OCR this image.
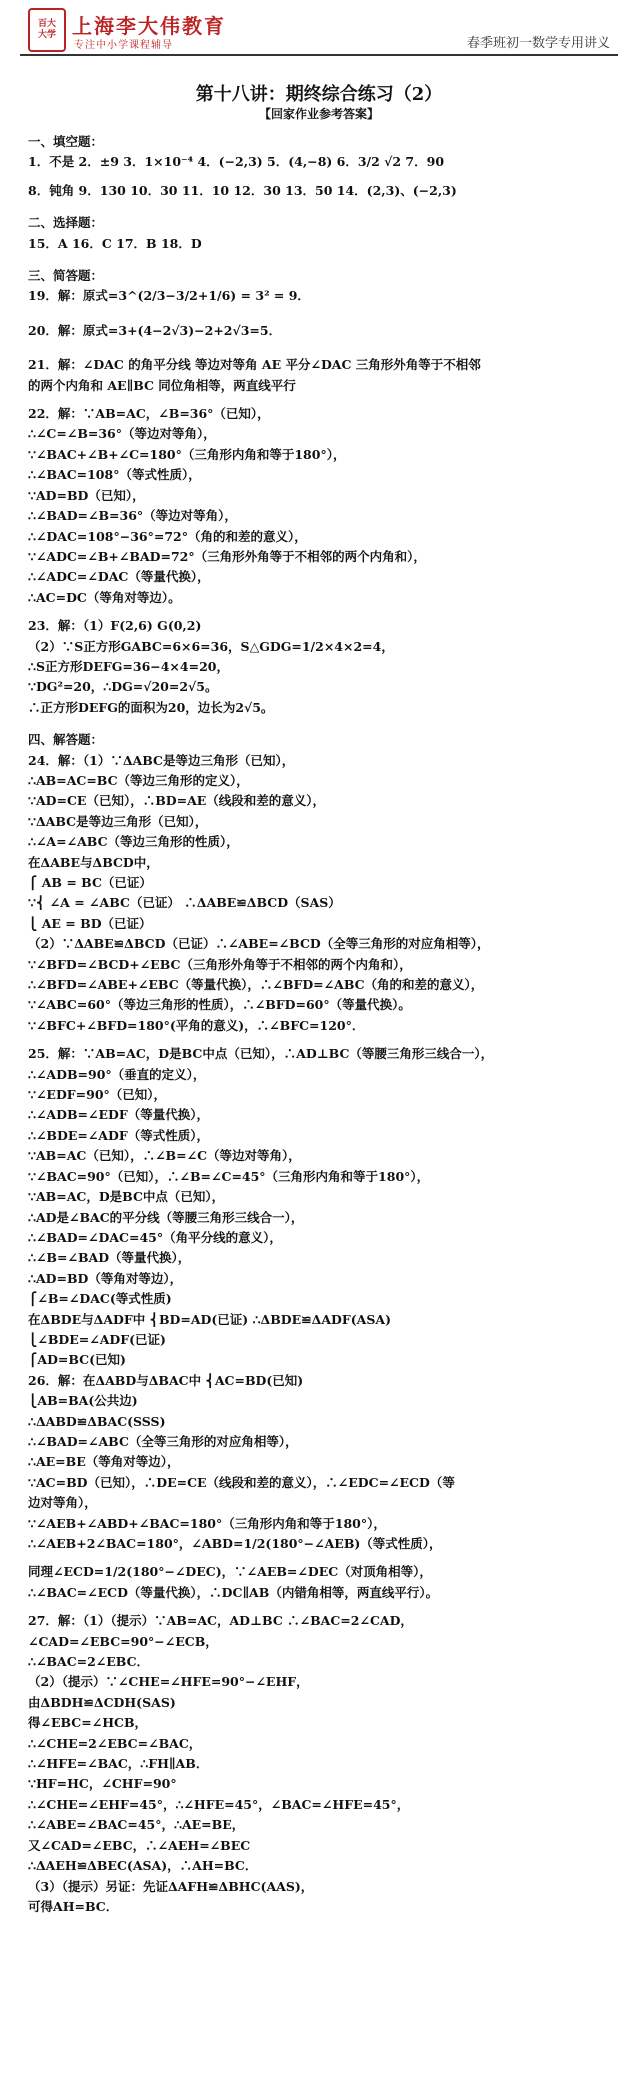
百大
大学 上海李大伟教育
专注中小学课程辅导	春季班初一数学专用讲义
第十八讲：期终综合练习（2）
【回家作业参考答案】
一、填空题：
1．不是 2．±9 3．1×10⁻⁴ 4．(−2,3) 5．(4,−8) 6．3/2 √2 7．90
8．钝角 9．130 10．30 11．10 12．30 13．50 14．(2,3)、(−2,3)
二、选择题：
15．A 16．C 17．B 18．D
三、简答题：
19．解：原式=3^(2/3−3/2+1/6) = 3² = 9．
20．解：原式=3+(4−2√3)−2+2√3=5．
21．解：∠DAC 的角平分线 等边对等角 AE 平分∠DAC 三角形外角等于不相邻
的两个内角和 AE∥BC 同位角相等，两直线平行
22．解：∵AB=AC，∠B=36°（已知），
∴∠C=∠B=36°（等边对等角），
∵∠BAC+∠B+∠C=180°（三角形内角和等于180°），
∴∠BAC=108°（等式性质），
∵AD=BD（已知），
∴∠BAD=∠B=36°（等边对等角），
∴∠DAC=108°−36°=72°（角的和差的意义），
∵∠ADC=∠B+∠BAD=72°（三角形外角等于不相邻的两个内角和），
∴∠ADC=∠DAC（等量代换），
∴AC=DC（等角对等边）。
23．解：（1）F(2,6) G(0,2)
（2）∵S正方形GABC=6×6=36，S△GDG=1/2×4×2=4，
∴S正方形DEFG=36−4×4=20，
∵DG²=20，∴DG=√20=2√5。
∴正方形DEFG的面积为20，边长为2√5。
四、解答题：
24．解：（1）∵ΔABC是等边三角形（已知），
∴AB=AC=BC（等边三角形的定义），
∵AD=CE（已知），∴BD=AE（线段和差的意义），
∵ΔABC是等边三角形（已知），
∴∠A=∠ABC（等边三角形的性质），
在ΔABE与ΔBCD中，
⎧ AB = BC（已证）
∵⎨ ∠A = ∠ABC（已证） ∴ΔABE≌ΔBCD（SAS）
⎩ AE = BD（已证）
（2）∵ΔABE≌ΔBCD（已证）∴∠ABE=∠BCD（全等三角形的对应角相等），
∵∠BFD=∠BCD+∠EBC（三角形外角等于不相邻的两个内角和），
∴∠BFD=∠ABE+∠EBC（等量代换），∴∠BFD=∠ABC（角的和差的意义），
∵∠ABC=60°（等边三角形的性质），∴∠BFD=60°（等量代换）。
∵∠BFC+∠BFD=180°(平角的意义)，∴∠BFC=120°．
25．解：∵AB=AC，D是BC中点（已知），∴AD⊥BC（等腰三角形三线合一），
∴∠ADB=90°（垂直的定义），
∵∠EDF=90°（已知），
∴∠ADB=∠EDF（等量代换），
∴∠BDE=∠ADF（等式性质），
∵AB=AC（已知），∴∠B=∠C（等边对等角），
∵∠BAC=90°（已知），∴∠B=∠C=45°（三角形内角和等于180°），
∵AB=AC，D是BC中点（已知），
∴AD是∠BAC的平分线（等腰三角形三线合一），
∴∠BAD=∠DAC=45°（角平分线的意义），
∴∠B=∠BAD（等量代换），
∴AD=BD（等角对等边），
⎧∠B=∠DAC(等式性质)
在ΔBDE与ΔADF中 ⎨BD=AD(已证) ∴ΔBDE≌ΔADF(ASA)
⎩∠BDE=∠ADF(已证)
⎧AD=BC(已知)
26．解：在ΔABD与ΔBAC中 ⎨AC=BD(已知)
⎩AB=BA(公共边)
∴ΔABD≌ΔBAC(SSS)
∴∠BAD=∠ABC（全等三角形的对应角相等），
∴AE=BE（等角对等边），
∵AC=BD（已知），∴DE=CE（线段和差的意义），∴∠EDC=∠ECD（等
边对等角），
∵∠AEB+∠ABD+∠BAC=180°（三角形内角和等于180°），
∴∠AEB+2∠BAC=180°，∠ABD=1/2(180°−∠AEB)（等式性质），
同理∠ECD=1/2(180°−∠DEC)，∵∠AEB=∠DEC（对顶角相等），
∴∠BAC=∠ECD（等量代换），∴DC∥AB（内错角相等，两直线平行）。
27．解：（1）（提示）∵AB=AC，AD⊥BC ∴∠BAC=2∠CAD，
∠CAD=∠EBC=90°−∠ECB，
∴∠BAC=2∠EBC．
（2）（提示）∵∠CHE=∠HFE=90°−∠EHF，
由ΔBDH≌ΔCDH(SAS)
得∠EBC=∠HCB，
∴∠CHE=2∠EBC=∠BAC，
∴∠HFE=∠BAC，∴FH∥AB．
∵HF=HC，∠CHF=90°
∴∠CHE=∠EHF=45°，∴∠HFE=45°，∠BAC=∠HFE=45°，
∴∠ABE=∠BAC=45°，∴AE=BE，
又∠CAD=∠EBC，∴∠AEH=∠BEC
∴ΔAEH≌ΔBEC(ASA)，∴AH=BC．
（3）（提示）另证：先证ΔAFH≌ΔBHC(AAS)，
可得AH=BC．
